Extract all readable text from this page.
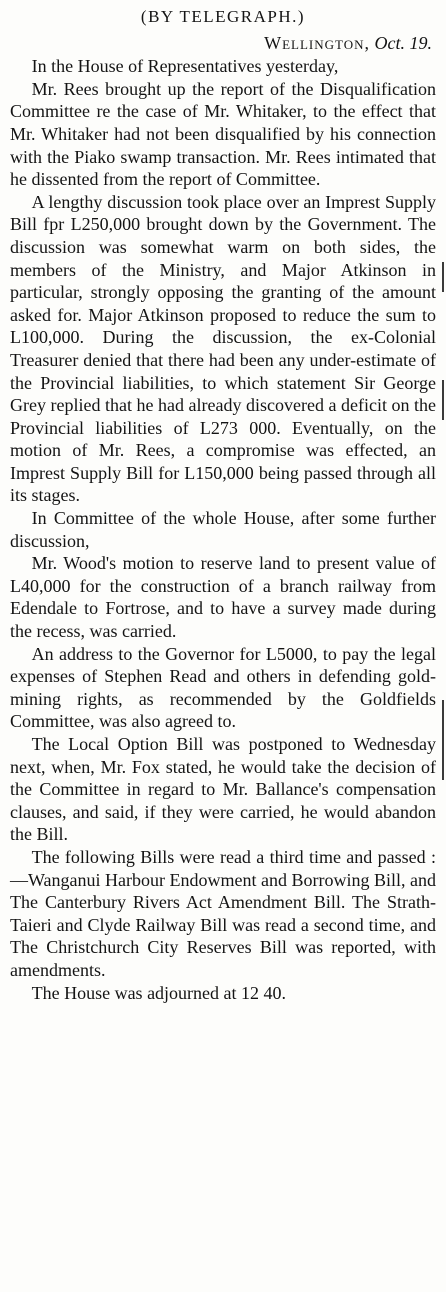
(BY TELEGRAPH.)
Wellington, Oct. 19.

In the House of Representatives yesterday,

Mr. Rees brought up the report of the Disqualification Committee re the case of Mr. Whitaker, to the effect that Mr. Whitaker had not been disqualified by his connection with the Piako swamp transaction. Mr. Rees intimated that he dissented from the report of Committee.

A lengthy discussion took place over an Imprest Supply Bill fpr L250,000 brought down by the Government. The discussion was somewhat warm on both sides, the members of the Ministry, and Major Atkinson in particular, strongly opposing the granting of the amount asked for. Major Atkinson proposed to reduce the sum to L100,000. During the discussion, the ex-Colonial Treasurer denied that there had been any under-estimate of the Provincial liabilities, to which statement Sir George Grey replied that he had already discovered a deficit on the Provincial liabilities of L273 000. Eventually, on the motion of Mr. Rees, a compromise was effected, an Imprest Supply Bill for L150,000 being passed through all its stages.

In Committee of the whole House, after some further discussion,

Mr. Wood's motion to reserve land to present value of L40,000 for the construction of a branch railway from Edendale to Fortrose, and to have a survey made during the recess, was carried.

An address to the Governor for L5000, to pay the legal expenses of Stephen Read and others in defending gold-mining rights, as recommended by the Goldfields Committee, was also agreed to.

The Local Option Bill was postponed to Wednesday next, when, Mr. Fox stated, he would take the decision of the Committee in regard to Mr. Ballance's compensation clauses, and said, if they were carried, he would abandon the Bill.

The following Bills were read a third time and passed :—Wanganui Harbour Endowment and Borrowing Bill, and The Canterbury Rivers Act Amendment Bill. The Strath-Taieri and Clyde Railway Bill was read a second time, and The Christchurch City Reserves Bill was reported, with amendments.

The House was adjourned at 12 40.
